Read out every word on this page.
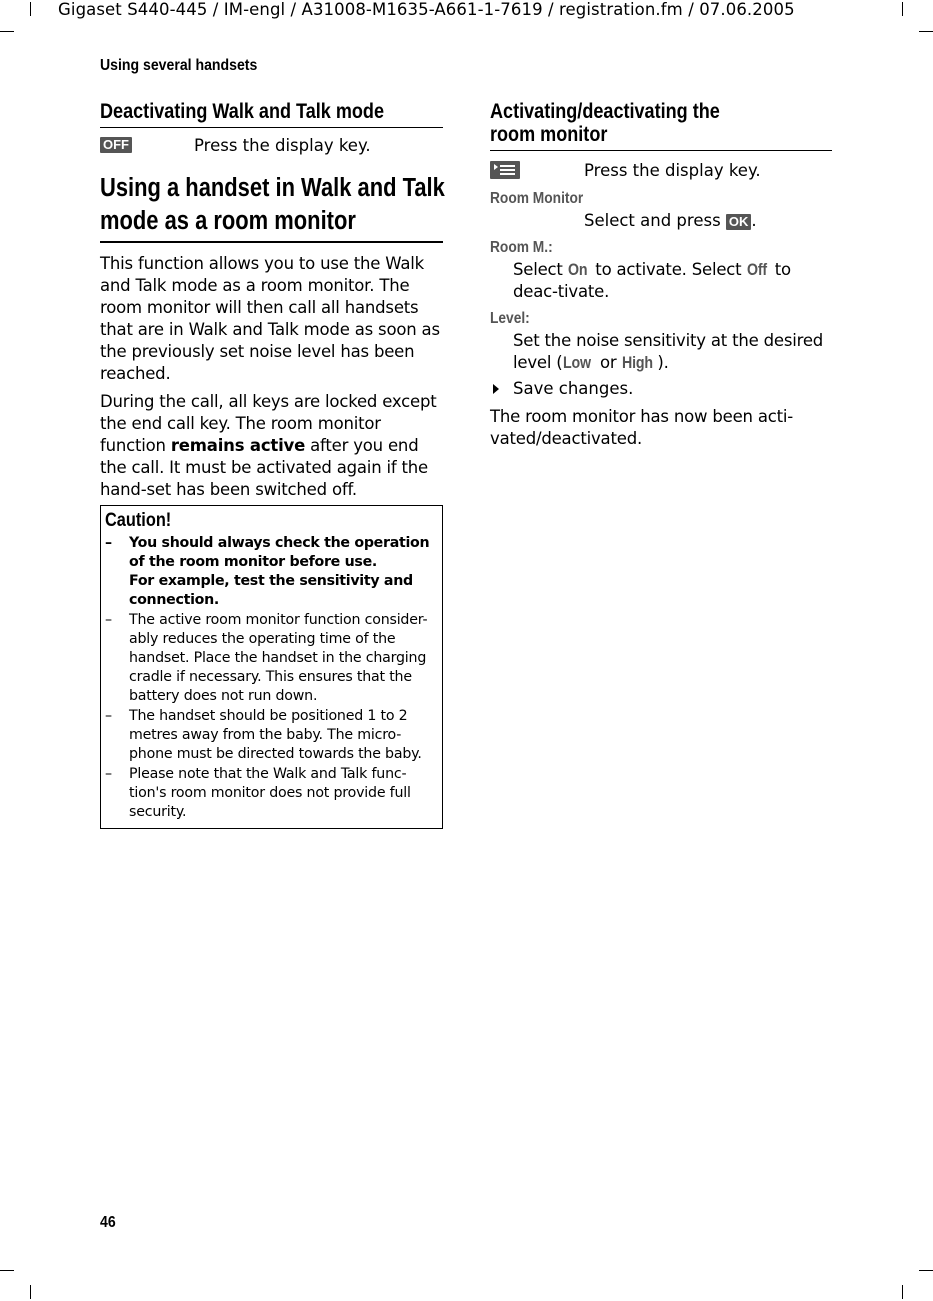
Gigaset S440-445 / IM-engl / A31008-M1635-A661-1-7619 / registration.fm / 07.06.2005
Using several handsets
46
Deactivating Walk and Talk mode
OFF	Press the display key.
Using a handset in Walk and Talk
mode as a room monitor

This function allows you to use the Walk and Talk mode as a room monitor. The room monitor will then call all handsets that are in Walk and Talk mode as soon as the previously set noise level has been reached.

During the call, all keys are locked except the end call key. The room monitor function remains active after you end the call. It must be activated again if the hand-set has been switched off.

Caution!
– You should always check the operation of the room monitor before use.
For example, test the sensitivity and connection.
– The active room monitor function consider-ably reduces the operating time of the handset. Place the handset in the charging cradle if necessary. This ensures that the battery does not run down.
– The handset should be positioned 1 to 2 metres away from the baby. The micro-phone must be directed towards the baby.
– Please note that the Walk and Talk func-tion's room monitor does not provide full security.
Activating/deactivating the
room monitor
Press the display key.
Room Monitor
Select and press OK .
Room M.:
Select On to activate. Select Off to deac-tivate.
Level:
Set the noise sensitivity at the desired level (Low or High ).
Save changes.

The room monitor has now been acti-vated/deactivated.
